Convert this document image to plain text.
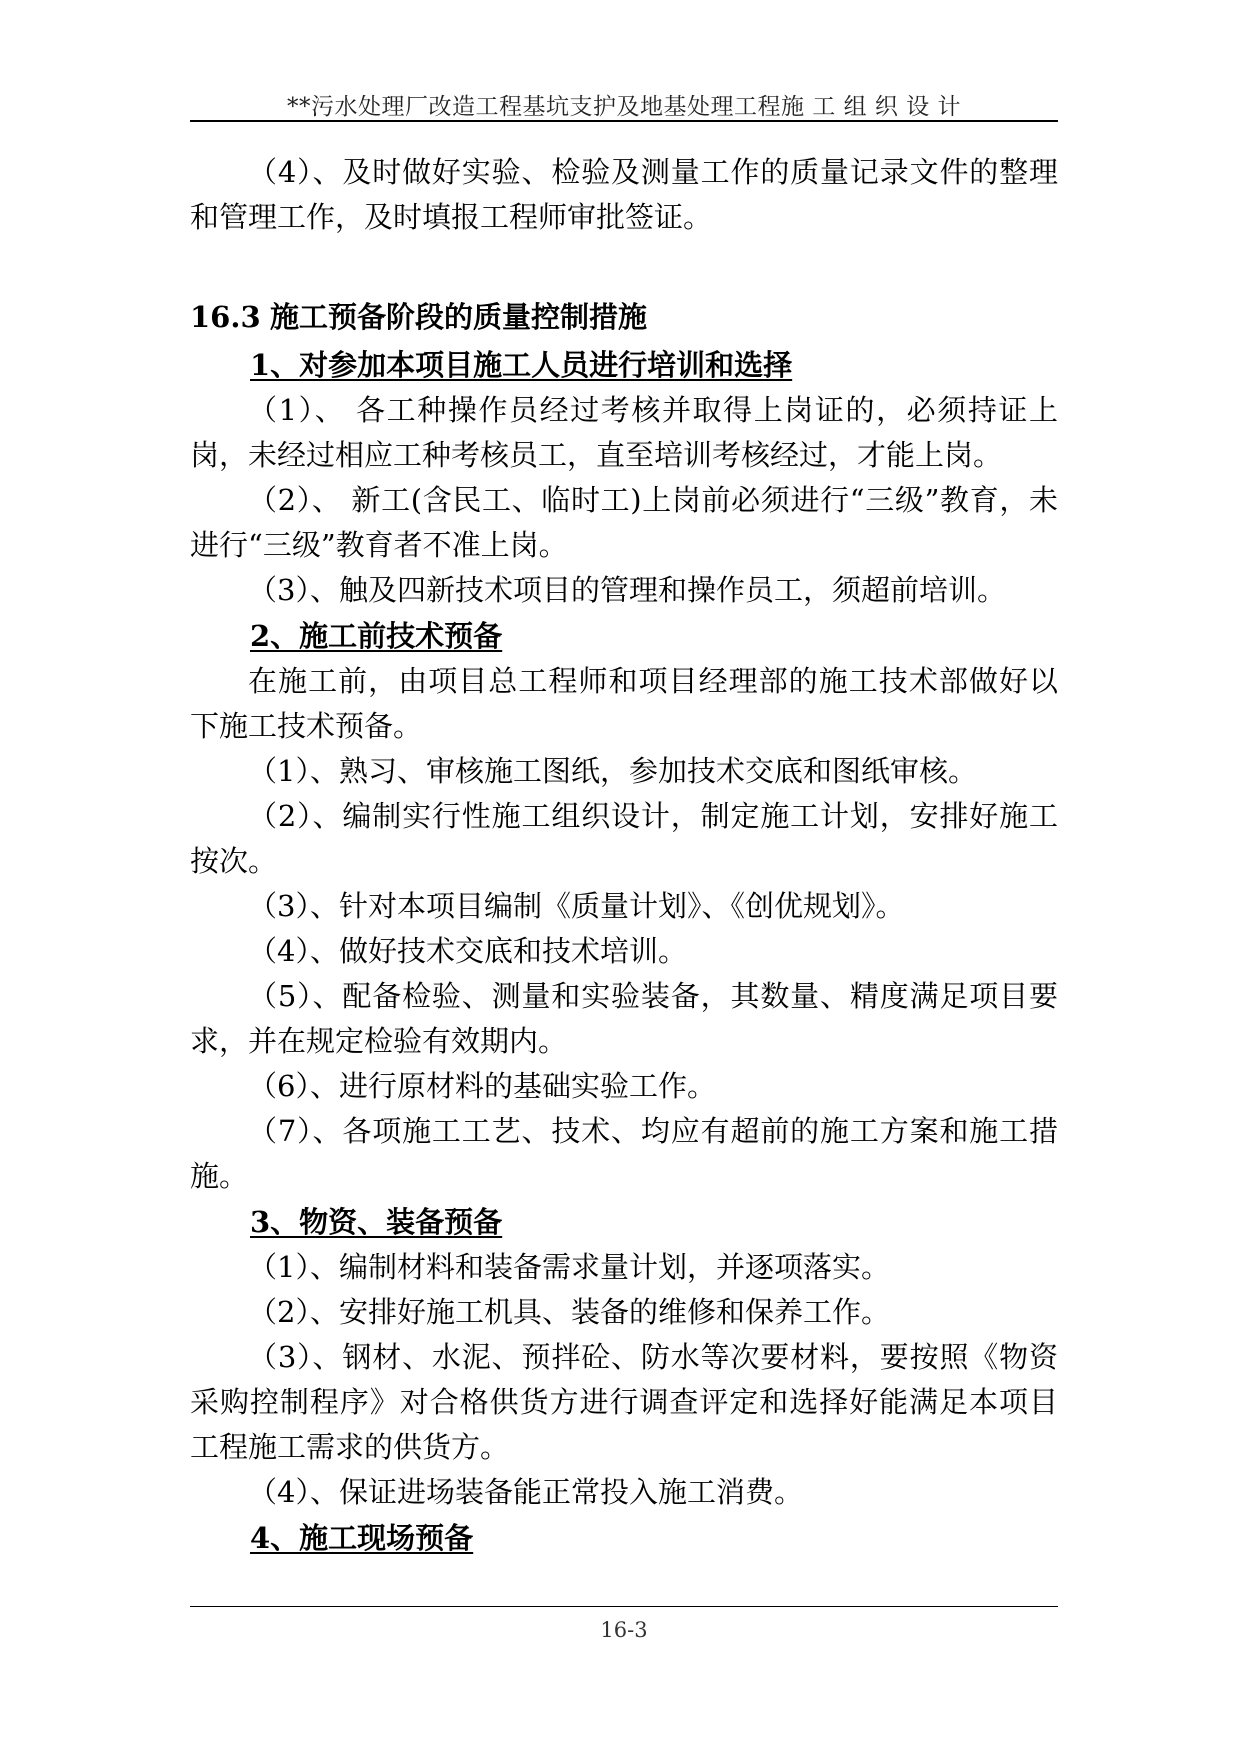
**污水处理厂改造工程基坑支护及地基处理工程施 工 组 织 设 计

（4）、及时做好实验、检验及测量工作的质量记录文件的整理和管理工作，及时填报工程师审批签证。

16.3 施工预备阶段的质量控制措施
1、对参加本项目施工人员进行培训和选择

（1）、 各工种操作员经过考核并取得上岗证的，必须持证上岗，未经过相应工种考核员工，直至培训考核经过，才能上岗。

（2）、 新工(含民工、临时工)上岗前必须进行“三级”教育，未进行“三级”教育者不准上岗。

（3）、触及四新技术项目的管理和操作员工，须超前培训。

2、施工前技术预备

在施工前，由项目总工程师和项目经理部的施工技术部做好以下施工技术预备。

（1）、熟习、审核施工图纸，参加技术交底和图纸审核。

（2）、编制实行性施工组织设计，制定施工计划，安排好施工按次。

（3）、针对本项目编制《质量计划》、《创优规划》。

（4）、做好技术交底和技术培训。

（5）、配备检验、测量和实验装备，其数量、精度满足项目要求，并在规定检验有效期内。

（6）、进行原材料的基础实验工作。

（7）、各项施工工艺、技术、均应有超前的施工方案和施工措施。

3、物资、装备预备

（1）、编制材料和装备需求量计划，并逐项落实。

（2）、安排好施工机具、装备的维修和保养工作。

（3）、钢材、水泥、预拌砼、防水等次要材料，要按照《物资采购控制程序》对合格供货方进行调查评定和选择好能满足本项目工程施工需求的供货方。

（4）、保证进场装备能正常投入施工消费。

4、施工现场预备
16-3
